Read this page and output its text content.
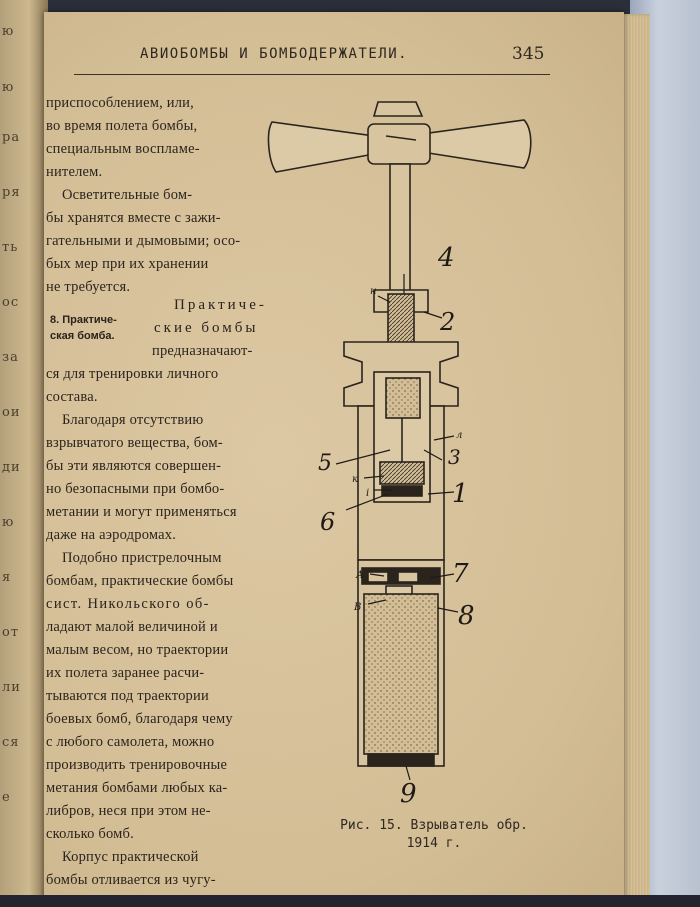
ю
ю
ра
ря
ть
ос
за
ои
ди
ю
я
от
ли
ся
е
АВИОБОМБЫ И БОМБОДЕРЖАТЕЛИ.	345
приспособлением, или,
во время полета бомбы,
специальным воспламе-
нителем.
Осветительные бом-
бы хранятся вместе с зажи-
гательными и дымовыми; осо-
бых мер при их хранении
не требуется.
8. Практиче-
ская бомба.
Практиче-
ские бомбы
предназначают-
ся для тренировки личного
состава.
Благодаря отсутствию
взрывчатого вещества, бом-
бы эти являются совершен-
но безопасными при бомбо-
метании и могут применяться
даже на аэродромах.
Подобно пристрелочным
бомбам, практические бомбы
сист. Никольского об-
ладают малой величиной и
малым весом, но траектории
их полета заранее расчи-
тываются под траектории
боевых бомб, благодаря чему
с любого самолета, можно
производить тренировочные
метания бомбами любых ка-
либров, неся при этом не-
сколько бомб.
Корпус практической
бомбы отливается из чугу-
н
4
2
л
3
5
к
i	1
6
А	7
В	8
9
Рис. 15. Взрыватель обр.
1914 г.
